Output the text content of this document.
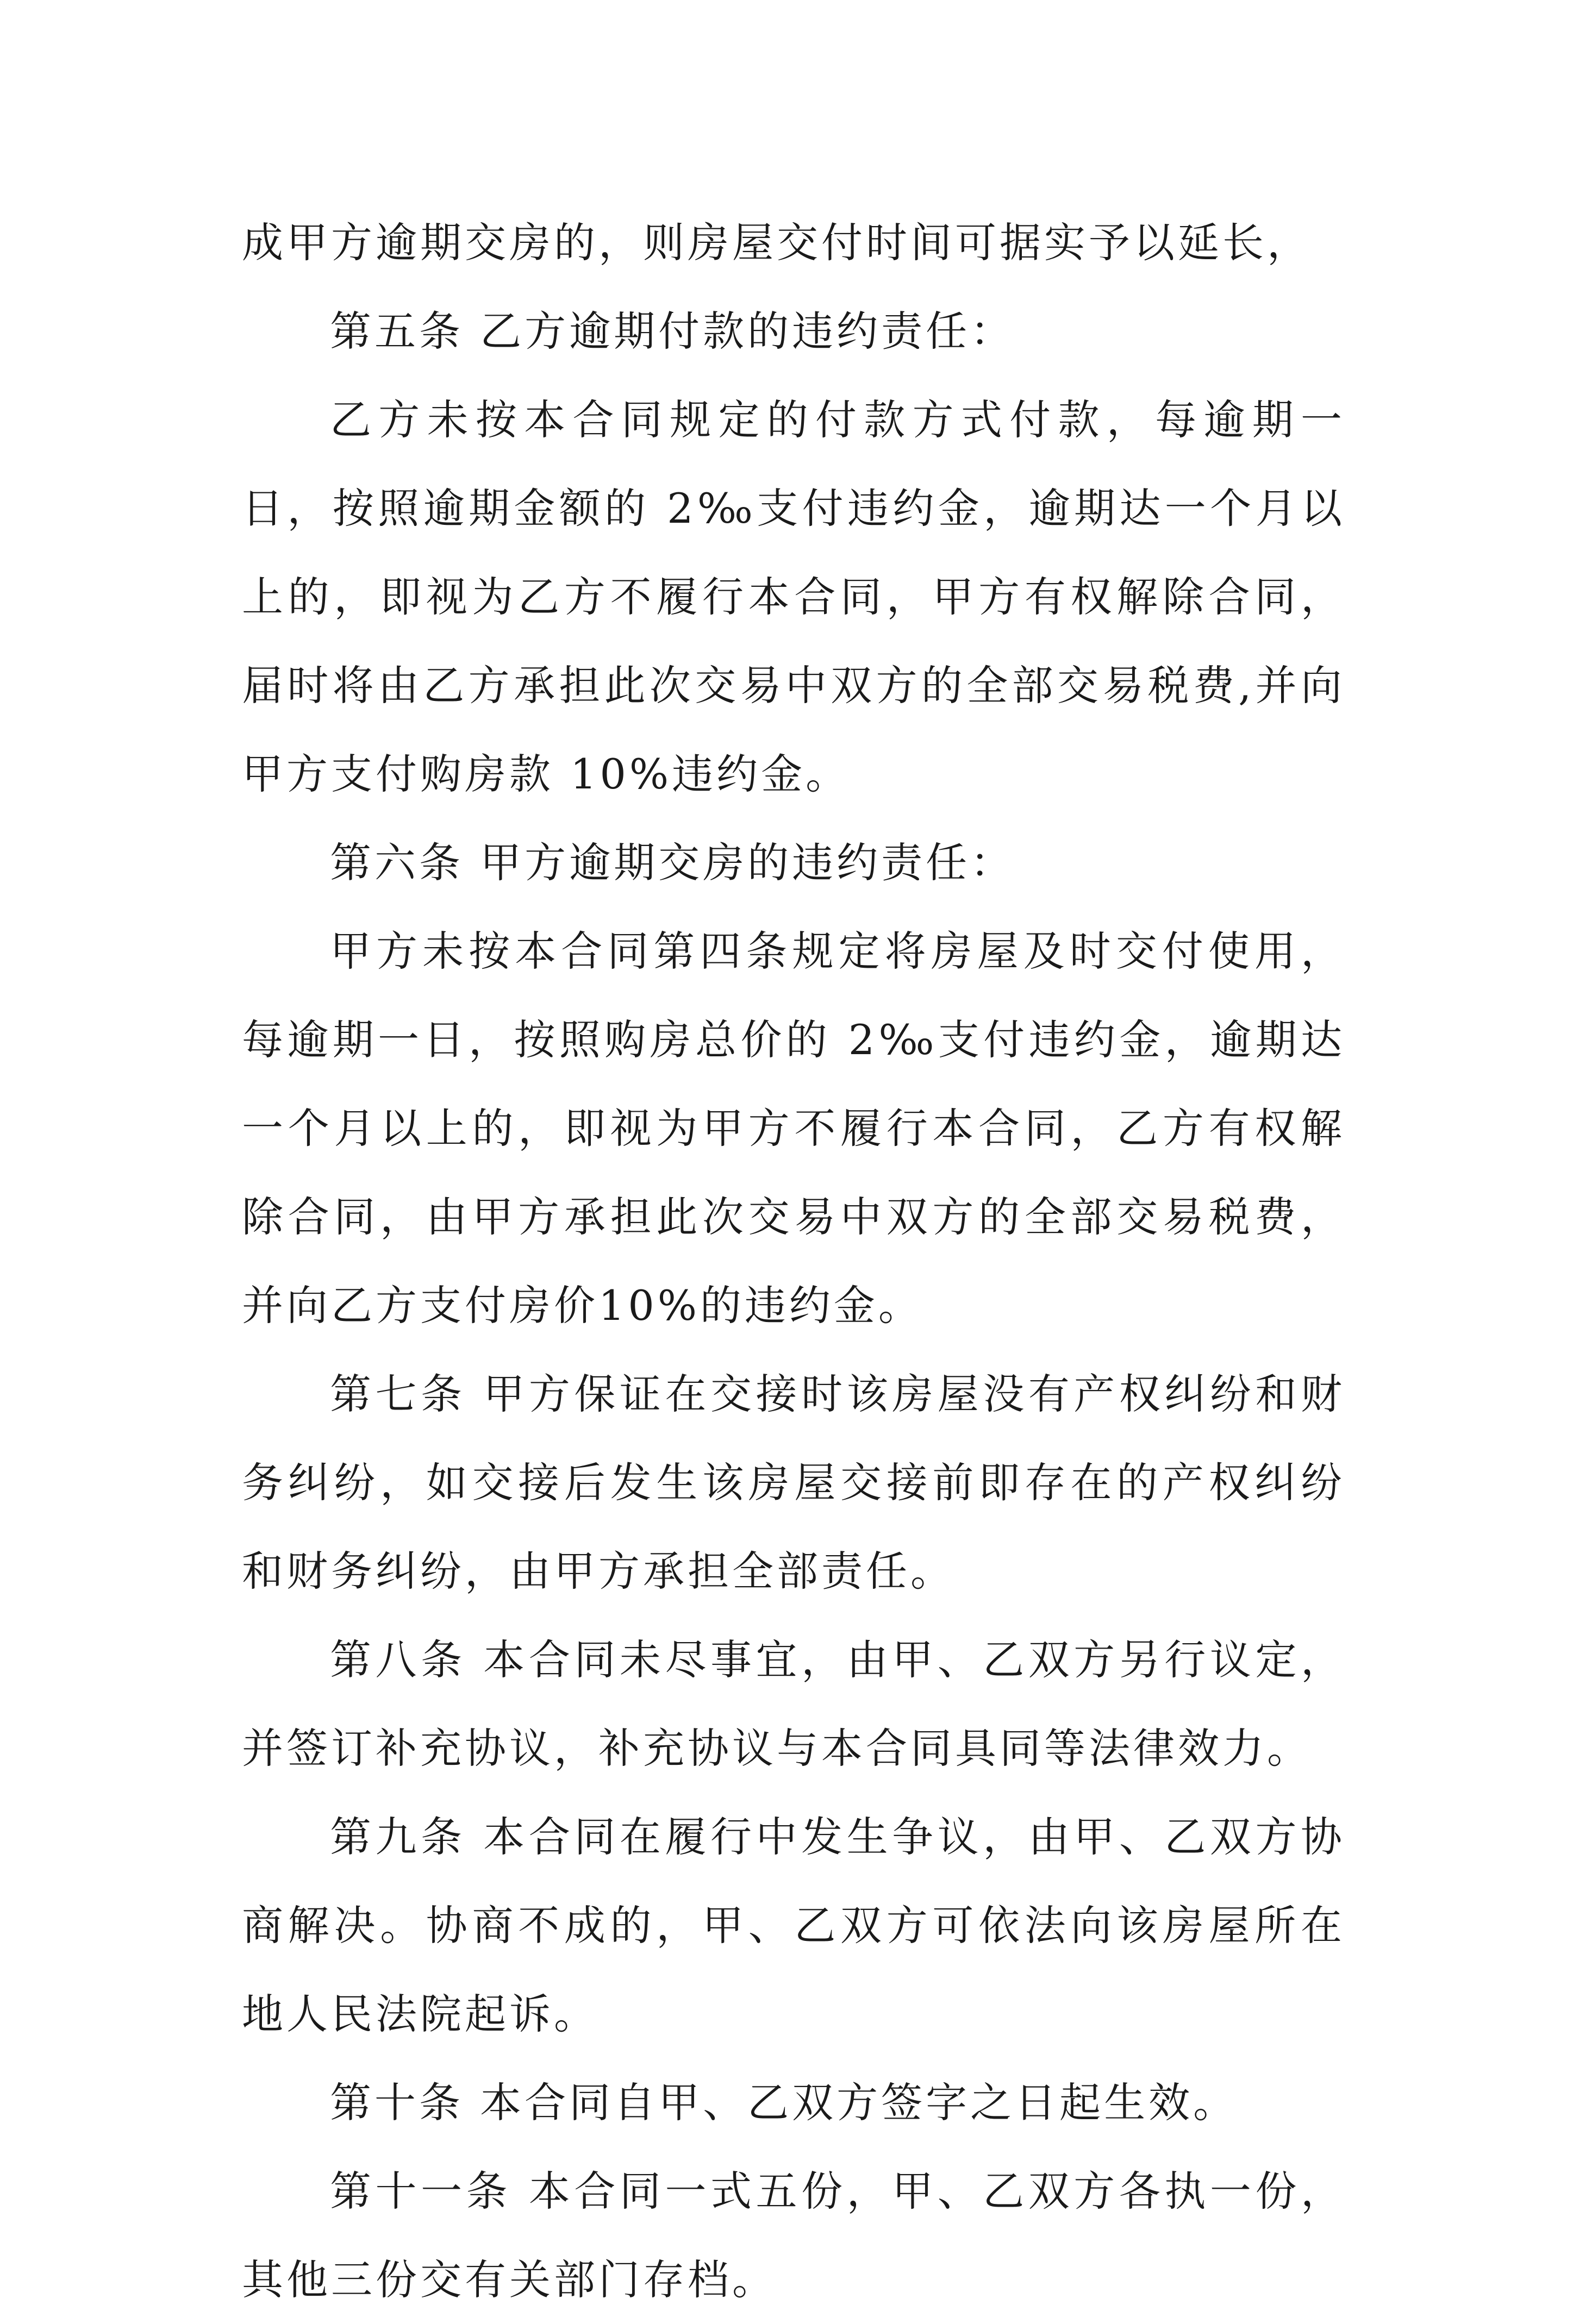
成甲方逾期交房的，则房屋交付时间可据实予以延长，

第五条 乙方逾期付款的违约责任：

乙方未按本合同规定的付款方式付款，每逾期一日，按照逾期金额的 2‰支付违约金，逾期达一个月以上的，即视为乙方不履行本合同，甲方有权解除合同，届时将由乙方承担此次交易中双方的全部交易税费,并向甲方支付购房款 10%违约金。

第六条 甲方逾期交房的违约责任：

甲方未按本合同第四条规定将房屋及时交付使用，每逾期一日，按照购房总价的 2‰支付违约金，逾期达一个月以上的，即视为甲方不履行本合同，乙方有权解除合同，由甲方承担此次交易中双方的全部交易税费，并向乙方支付房价10%的违约金。

第七条 甲方保证在交接时该房屋没有产权纠纷和财务纠纷，如交接后发生该房屋交接前即存在的产权纠纷和财务纠纷，由甲方承担全部责任。

第八条 本合同未尽事宜，由甲、乙双方另行议定，并签订补充协议，补充协议与本合同具同等法律效力。

第九条 本合同在履行中发生争议，由甲、乙双方协商解决。协商不成的，甲、乙双方可依法向该房屋所在地人民法院起诉。

第十条 本合同自甲、乙双方签字之日起生效。

第十一条 本合同一式五份，甲、乙双方各执一份，其他三份交有关部门存档。
